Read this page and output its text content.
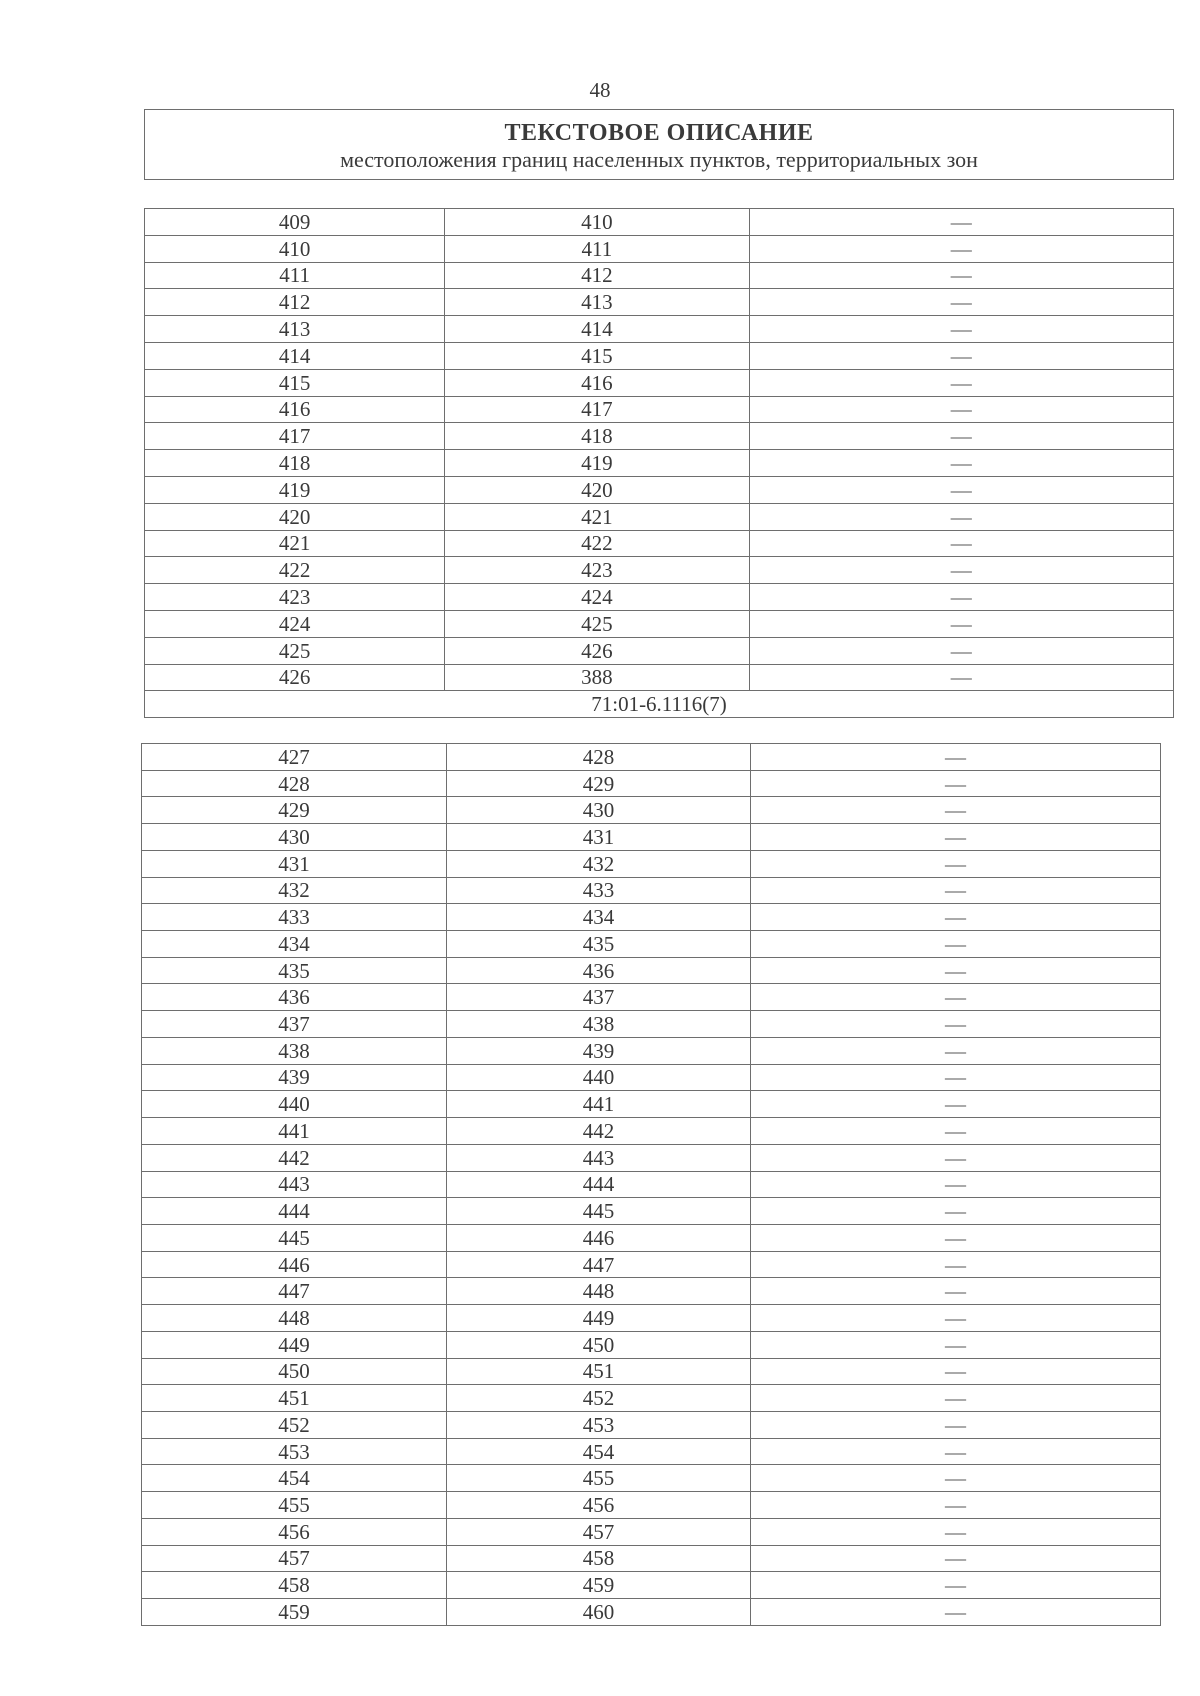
48
ТЕКСТОВОЕ ОПИСАНИЕ
местоположения границ населенных пунктов, территориальных зон
409	410	—
410	411	—
411	412	—
412	413	—
413	414	—
414	415	—
415	416	—
416	417	—
417	418	—
418	419	—
419	420	—
420	421	—
421	422	—
422	423	—
423	424	—
424	425	—
425	426	—
426	388	—
71:01-6.1116(7)		
427	428	—
428	429	—
429	430	—
430	431	—
431	432	—
432	433	—
433	434	—
434	435	—
435	436	—
436	437	—
437	438	—
438	439	—
439	440	—
440	441	—
441	442	—
442	443	—
443	444	—
444	445	—
445	446	—
446	447	—
447	448	—
448	449	—
449	450	—
450	451	—
451	452	—
452	453	—
453	454	—
454	455	—
455	456	—
456	457	—
457	458	—
458	459	—
459	460	—
